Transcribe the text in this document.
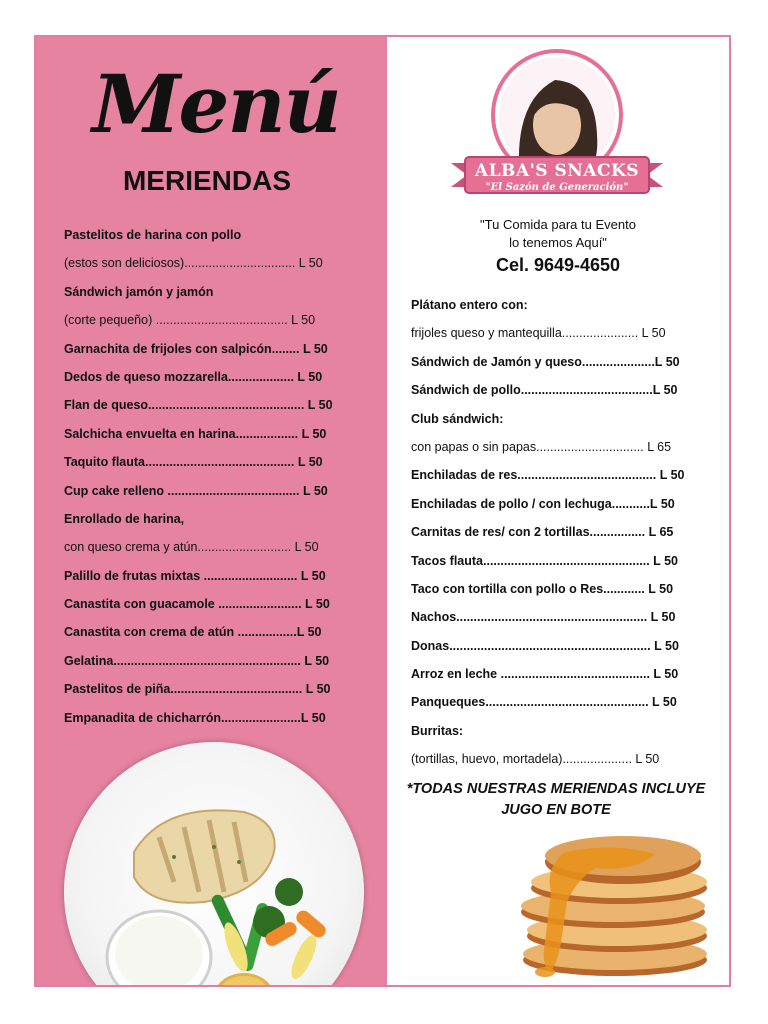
Menú
MERIENDAS
Pastelitos de harina con pollo
(estos son deliciosos)................................ L 50
Sándwich jamón y jamón
(corte pequeño) ...................................... L 50
Garnachita de frijoles con salpicón........ L 50
Dedos de queso mozzarella................... L 50
Flan de queso............................................. L 50
Salchicha envuelta en harina.................. L 50
Taquito flauta........................................... L 50
Cup cake relleno ...................................... L 50
Enrollado de harina,
con queso crema y atún........................... L 50
Palillo de frutas mixtas ........................... L 50
Canastita con guacamole ........................ L 50
Canastita con crema de atún .................L 50
Gelatina...................................................... L 50
Pastelitos de piña...................................... L 50
Empanadita de chicharrón.......................L 50
ALBA'S SNACKS
"El Sazón de Generación"
"Tu Comida para tu Evento
lo tenemos Aquí"
Cel. 9649-4650
Plátano entero con:
frijoles queso y mantequilla...................... L 50
Sándwich de Jamón y queso.....................L 50
Sándwich de pollo......................................L 50
Club sándwich:
con papas o sin papas............................... L 65
Enchiladas de res........................................ L 50
Enchiladas de pollo / con lechuga...........L 50
Carnitas de res/ con 2 tortillas................ L 65
Tacos flauta................................................ L 50
Taco con tortilla con pollo o Res............ L 50
Nachos....................................................... L 50
Donas.......................................................... L 50
Arroz en leche ........................................... L 50
Panqueques............................................... L 50
Burritas:
(tortillas, huevo, mortadela).................... L 50
*TODAS NUESTRAS MERIENDAS INCLUYE
JUGO EN BOTE
